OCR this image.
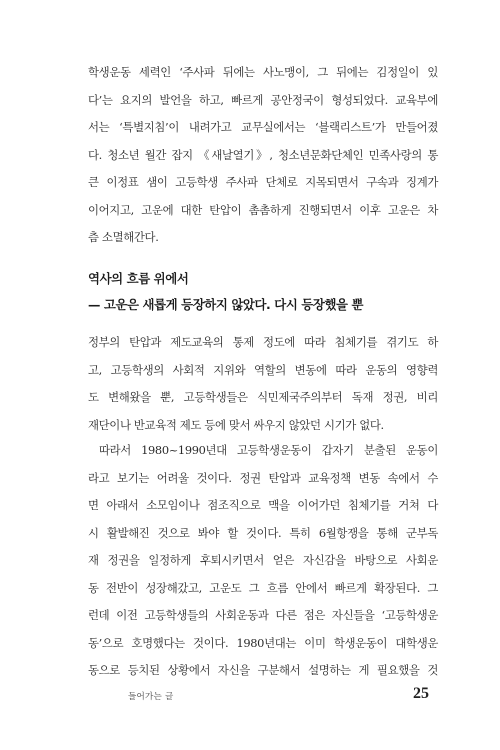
학생운동 세력인 ‘주사파 뒤에는 사노맹이, 그 뒤에는 김정일이 있
다’는 요지의 발언을 하고, 빠르게 공안정국이 형성되었다. 교육부에
서는 ‘특별지침’이 내려가고 교무실에서는 ‘블랙리스트’가 만들어졌
다. 청소년 월간 잡지 《새날열기》, 청소년문화단체인 민족사랑의 통
큰 이정표 샘이 고등학생 주사파 단체로 지목되면서 구속과 징계가
이어지고, 고운에 대한 탄압이 촘촘하게 진행되면서 이후 고운은 차
츰 소멸해간다.

역사의 흐름 위에서
— 고운은 새롭게 등장하지 않았다. 다시 등장했을 뿐

정부의 탄압과 제도교육의 통제 정도에 따라 침체기를 겪기도 하
고, 고등학생의 사회적 지위와 역할의 변동에 따라 운동의 영향력
도 변해왔을 뿐, 고등학생들은 식민제국주의부터 독재 정권, 비리
재단이나 반교육적 제도 등에 맞서 싸우지 않았던 시기가 없다.

따라서 1980~1990년대 고등학생운동이 갑자기 분출된 운동이
라고 보기는 어려울 것이다. 정권 탄압과 교육정책 변동 속에서 수
면 아래서 소모임이나 점조직으로 맥을 이어가던 침체기를 거쳐 다
시 활발해진 것으로 봐야 할 것이다. 특히 6월항쟁을 통해 군부독
재 정권을 일정하게 후퇴시키면서 얻은 자신감을 바탕으로 사회운
동 전반이 성장해갔고, 고운도 그 흐름 안에서 빠르게 확장된다. 그
런데 이전 고등학생들의 사회운동과 다른 점은 자신들을 ‘고등학생운
동’으로 호명했다는 것이다. 1980년대는 이미 학생운동이 대학생운
동으로 등치된 상황에서 자신을 구분해서 설명하는 게 필요했을 것

들어가는 글	25
